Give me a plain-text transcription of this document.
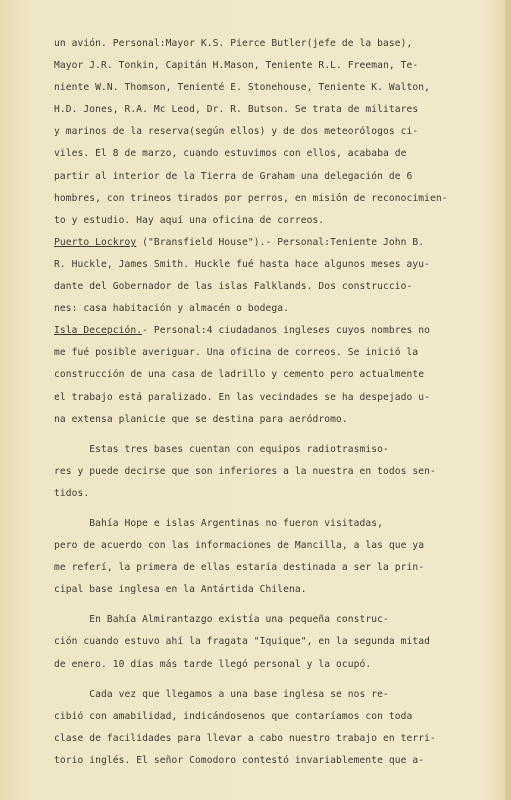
un avión. Personal:Mayor K.S. Pierce Butler(jefe de la base),
Mayor J.R. Tonkin, Capitán H.Mason, Teniente R.L. Freeman, Te-
niente W.N. Thomson, Tenienté E. Stonehouse, Teniente K. Walton,
H.D. Jones, R.A. Mc Leod, Dr. R. Butson. Se trata de militares
y marinos de la reserva(según ellos) y de dos meteorólogos ci-
viles. El 8 de marzo, cuando estuvimos con ellos, acababa de
partir al interior de la Tierra de Graham una delegación de 6
hombres, con trineos tirados por perros, en misión de reconocimien-
to y estudio. Hay aquí una oficina de correos.
Puerto Lockroy ("Bransfield House").- Personal:Teniente John B.
R. Huckle, James Smith. Huckle fué hasta hace algunos meses ayu-
dante del Gobernador de las islas Falklands. Dos construccio-
nes: casa habitación y almacén o bodega.
Isla Decepción.- Personal:4 ciudadanos ingleses cuyos nombres no
me fué posible averiguar. Una oficina de correos. Se inició la
construcción de una casa de ladrillo y cemento pero actualmente
el trabajo está paralizado. En las vecindades se ha despejado u-
na extensa planicie que se destina para aeródromo.
Estas tres bases cuentan con equipos radiotrasmiso-
res y puede decirse que son inferiores a la nuestra en todos sen-
tidos.
Bahía Hope e islas Argentinas no fueron visitadas,
pero de acuerdo con las informaciones de Mancilla, a las que ya
me referí, la primera de ellas estaría destinada a ser la prin-
cipal base inglesa en la Antártida Chilena.
En Bahía Almirantazgo existía una pequeña construc-
ción cuando estuvo ahí la fragata "Iquique", en la segunda mitad
de enero. 10 días más tarde llegó personal y la ocupó.
Cada vez que llegamos a una base inglesa se nos re-
cibió con amabilidad, indicándosenos que contaríamos con toda
clase de facilidades para llevar a cabo nuestro trabajo en terri-
torio inglés. El señor Comodoro contestó invariablemente que a-
